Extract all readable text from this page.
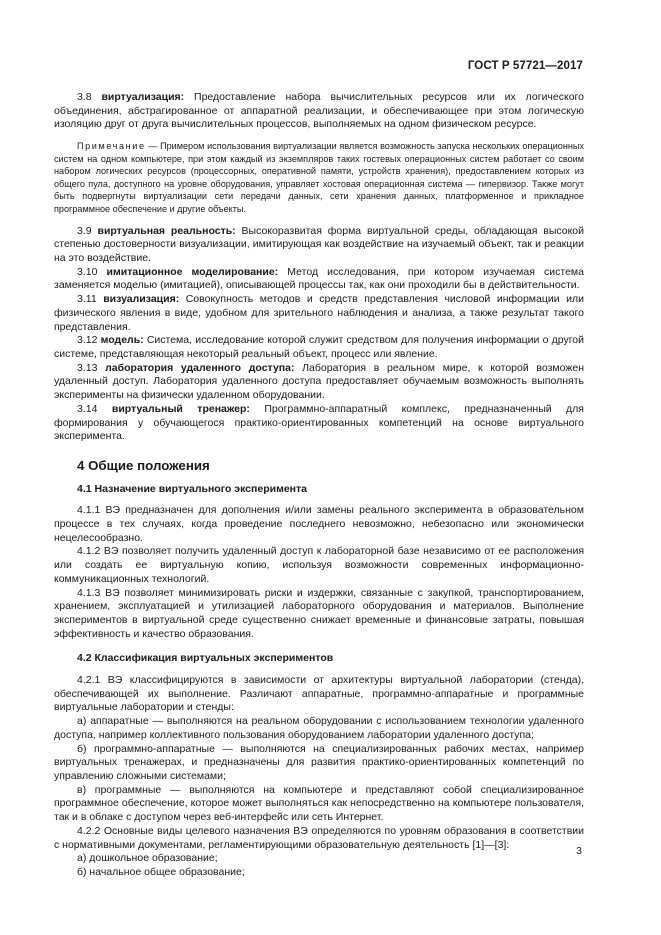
ГОСТ Р 57721—2017

3.8 виртуализация: Предоставление набора вычислительных ресурсов или их логического объединения, абстрагированное от аппаратной реализации, и обеспечивающее при этом логическую изоляцию друг от друга вычислительных процессов, выполняемых на одном физическом ресурсе.

Примечание — Примером использования виртуализации является возможность запуска нескольких операционных систем на одном компьютере, при этом каждый из экземпляров таких гостевых операционных систем работает со своим набором логических ресурсов (процессорных, оперативной памяти, устройств хранения), предоставлением которых из общего пула, доступного на уровне оборудования, управляет хостовая операционная система — гипервизор. Также могут быть подвергнуты виртуализации сети передачи данных, сети хранения данных, платформенное и прикладное программное обеспечение и другие объекты.

3.9 виртуальная реальность: Высокоразвитая форма виртуальной среды, обладающая высокой степенью достоверности визуализации, имитирующая как воздействие на изучаемый объект, так и реакции на это воздействие.

3.10 имитационное моделирование: Метод исследования, при котором изучаемая система заменяется моделью (имитацией), описывающей процессы так, как они проходили бы в действительности.

3.11 визуализация: Совокупность методов и средств представления числовой информации или физического явления в виде, удобном для зрительного наблюдения и анализа, а также результат такого представления.

3.12 модель: Система, исследование которой служит средством для получения информации о другой системе, представляющая некоторый реальный объект, процесс или явление.

3.13 лаборатория удаленного доступа: Лаборатория в реальном мире, к которой возможен удаленный доступ. Лаборатория удаленного доступа предоставляет обучаемым возможность выполнять эксперименты на физически удаленном оборудовании.

3.14 виртуальный тренажер: Программно-аппаратный комплекс, предназначенный для формирования у обучающегося практико-ориентированных компетенций на основе виртуального эксперимента.

4 Общие положения
4.1 Назначение виртуального эксперимента

4.1.1 ВЭ предназначен для дополнения и/или замены реального эксперимента в образовательном процессе в тех случаях, когда проведение последнего невозможно, небезопасно или экономически нецелесообразно.

4.1.2 ВЭ позволяет получить удаленный доступ к лабораторной базе независимо от ее расположения или создать ее виртуальную копию, используя возможности современных информационно-коммуникационных технологий.

4.1.3 ВЭ позволяет минимизировать риски и издержки, связанные с закупкой, транспортированием, хранением, эксплуатацией и утилизацией лабораторного оборудования и материалов. Выполнение экспериментов в виртуальной среде существенно снижает временные и финансовые затраты, повышая эффективность и качество образования.

4.2 Классификация виртуальных экспериментов

4.2.1 ВЭ классифицируются в зависимости от архитектуры виртуальной лаборатории (стенда), обеспечивающей их выполнение. Различают аппаратные, программно-аппаратные и программные виртуальные лаборатории и стенды:

а) аппаратные — выполняются на реальном оборудовании с использованием технологии удаленного доступа, например коллективного пользования оборудованием лаборатории удаленного доступа;

б) программно-аппаратные — выполняются на специализированных рабочих местах, например виртуальных тренажерах, и предназначены для развития практико-ориентированных компетенций по управлению сложными системами;

в) программные — выполняются на компьютере и представляют собой специализированное программное обеспечение, которое может выполняться как непосредственно на компьютере пользователя, так и в облаке с доступом через веб-интерфейс или сеть Интернет.

4.2.2 Основные виды целевого назначения ВЭ определяются по уровням образования в соответствии с нормативными документами, регламентирующими образовательную деятельность [1]—[3]:

а) дошкольное образование;

б) начальное общее образование;

3
